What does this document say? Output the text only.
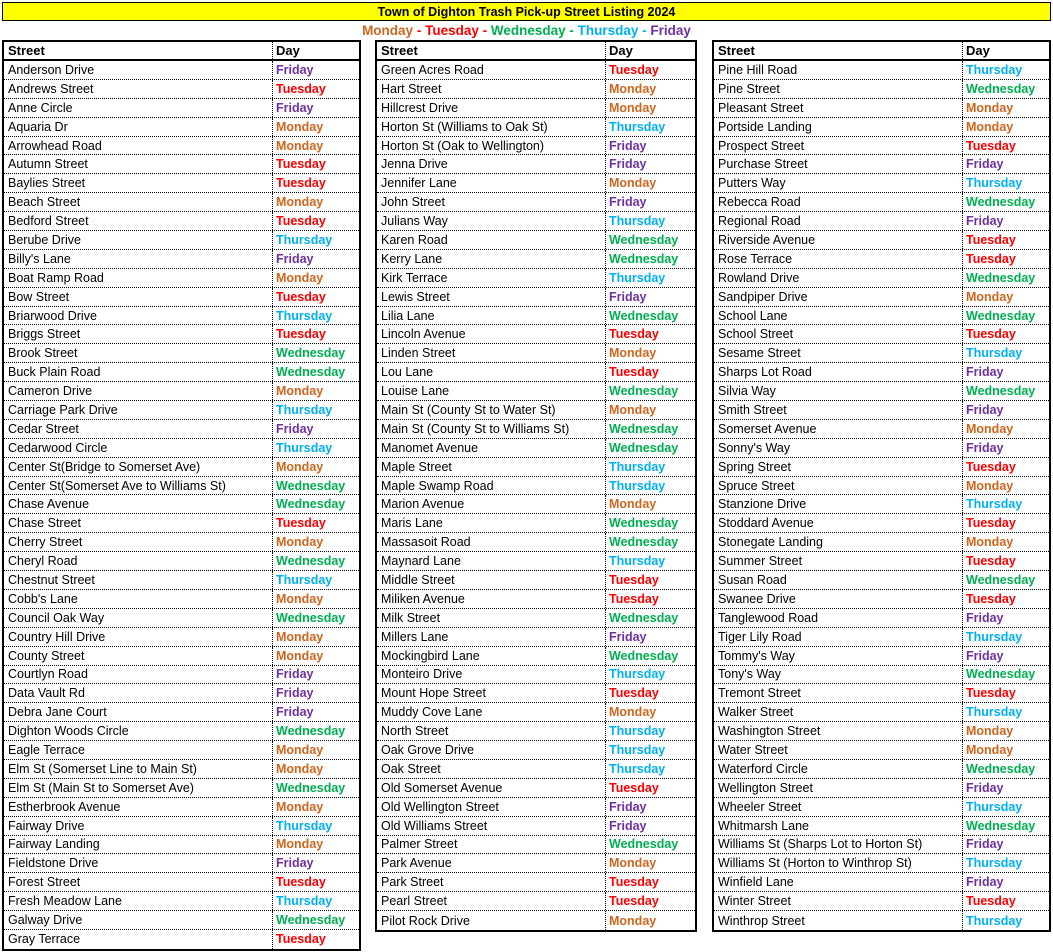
Town of Dighton Trash Pick-up Street Listing 2024
Monday - Tuesday - Wednesday - Thursday - Friday
Street	Day
Anderson Drive	Friday
Andrews Street	Tuesday
Anne Circle	Friday
Aquaria Dr	Monday
Arrowhead Road	Monday
Autumn Street	Tuesday
Baylies Street	Tuesday
Beach Street	Monday
Bedford Street	Tuesday
Berube Drive	Thursday
Billy's Lane	Friday
Boat Ramp Road	Monday
Bow Street	Tuesday
Briarwood Drive	Thursday
Briggs Street	Tuesday
Brook Street	Wednesday
Buck Plain Road	Wednesday
Cameron Drive	Monday
Carriage Park Drive	Thursday
Cedar Street	Friday
Cedarwood Circle	Thursday
Center St(Bridge to Somerset Ave)	Monday
Center St(Somerset Ave to Williams St)	Wednesday
Chase Avenue	Wednesday
Chase Street	Tuesday
Cherry Street	Monday
Cheryl Road	Wednesday
Chestnut Street	Thursday
Cobb's Lane	Monday
Council Oak Way	Wednesday
Country Hill Drive	Monday
County Street	Monday
Courtlyn Road	Friday
Data Vault Rd	Friday
Debra Jane Court	Friday
Dighton Woods Circle	Wednesday
Eagle Terrace	Monday
Elm St (Somerset Line to Main St)	Monday
Elm St (Main St to Somerset Ave)	Wednesday
Estherbrook Avenue	Monday
Fairway Drive	Thursday
Fairway Landing	Monday
Fieldstone Drive	Friday
Forest Street	Tuesday
Fresh Meadow Lane	Thursday
Galway Drive	Wednesday
Gray Terrace	Tuesday
Street	Day
Green Acres Road	Tuesday
Hart Street	Monday
Hillcrest Drive	Monday
Horton St (Williams to Oak St)	Thursday
Horton St (Oak to Wellington)	Friday
Jenna Drive	Friday
Jennifer Lane	Monday
John Street	Friday
Julians Way	Thursday
Karen Road	Wednesday
Kerry Lane	Wednesday
Kirk Terrace	Thursday
Lewis Street	Friday
Lilia Lane	Wednesday
Lincoln Avenue	Tuesday
Linden Street	Monday
Lou Lane	Tuesday
Louise Lane	Wednesday
Main St (County St to Water St)	Monday
Main St (County St to Williams St)	Wednesday
Manomet Avenue	Wednesday
Maple Street	Thursday
Maple Swamp Road	Thursday
Marion Avenue	Monday
Maris Lane	Wednesday
Massasoit Road	Wednesday
Maynard Lane	Thursday
Middle Street	Tuesday
Miliken Avenue	Tuesday
Milk Street	Wednesday
Millers Lane	Friday
Mockingbird Lane	Wednesday
Monteiro Drive	Thursday
Mount Hope Street	Tuesday
Muddy Cove Lane	Monday
North Street	Thursday
Oak Grove Drive	Thursday
Oak Street	Thursday
Old Somerset Avenue	Tuesday
Old Wellington Street	Friday
Old Williams Street	Friday
Palmer Street	Wednesday
Park Avenue	Monday
Park Street	Tuesday
Pearl Street	Tuesday
Pilot Rock Drive	Monday
Street	Day
Pine Hill Road	Thursday
Pine Street	Wednesday
Pleasant Street	Monday
Portside Landing	Monday
Prospect Street	Tuesday
Purchase Street	Friday
Putters Way	Thursday
Rebecca Road	Wednesday
Regional Road	Friday
Riverside Avenue	Tuesday
Rose Terrace	Tuesday
Rowland Drive	Wednesday
Sandpiper Drive	Monday
School Lane	Wednesday
School Street	Tuesday
Sesame Street	Thursday
Sharps Lot Road	Friday
Silvia Way	Wednesday
Smith Street	Friday
Somerset Avenue	Monday
Sonny's Way	Friday
Spring Street	Tuesday
Spruce Street	Monday
Stanzione Drive	Thursday
Stoddard Avenue	Tuesday
Stonegate Landing	Monday
Summer Street	Tuesday
Susan Road	Wednesday
Swanee Drive	Tuesday
Tanglewood Road	Friday
Tiger Lily Road	Thursday
Tommy's Way	Friday
Tony's Way	Wednesday
Tremont Street	Tuesday
Walker Street	Thursday
Washington Street	Monday
Water Street	Monday
Waterford Circle	Wednesday
Wellington Street	Friday
Wheeler Street	Thursday
Whitmarsh Lane	Wednesday
Williams St (Sharps Lot to Horton St)	Friday
Williams St (Horton to Winthrop St)	Thursday
Winfield Lane	Friday
Winter Street	Tuesday
Winthrop Street	Thursday
